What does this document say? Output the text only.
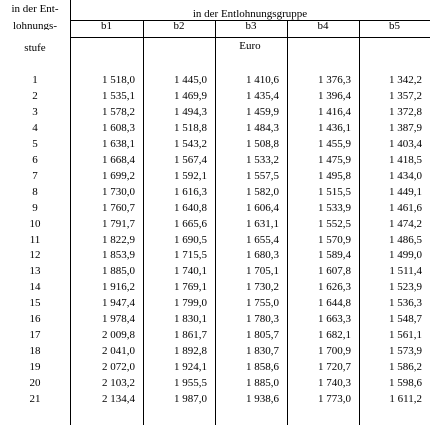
in der Ent-
lohnungs-
stufe
in der Entlohnungsgruppe
Euro
b1	b2	b3	b4	b5
1	1 518,0	1 445,0	1 410,6	1 376,3	1 342,2
2	1 535,1	1 469,9	1 435,4	1 396,4	1 357,2
3	1 578,2	1 494,3	1 459,9	1 416,4	1 372,8
4	1 608,3	1 518,8	1 484,3	1 436,1	1 387,9
5	1 638,1	1 543,2	1 508,8	1 455,9	1 403,4
6	1 668,4	1 567,4	1 533,2	1 475,9	1 418,5
7	1 699,2	1 592,1	1 557,5	1 495,8	1 434,0
8	1 730,0	1 616,3	1 582,0	1 515,5	1 449,1
9	1 760,7	1 640,8	1 606,4	1 533,9	1 461,6
10	1 791,7	1 665,6	1 631,1	1 552,5	1 474,2
11	1 822,9	1 690,5	1 655,4	1 570,9	1 486,5
12	1 853,9	1 715,5	1 680,3	1 589,4	1 499,0
13	1 885,0	1 740,1	1 705,1	1 607,8	1 511,4
14	1 916,2	1 769,1	1 730,2	1 626,3	1 523,9
15	1 947,4	1 799,0	1 755,0	1 644,8	1 536,3
16	1 978,4	1 830,1	1 780,3	1 663,3	1 548,7
17	2 009,8	1 861,7	1 805,7	1 682,1	1 561,1
18	2 041,0	1 892,8	1 830,7	1 700,9	1 573,9
19	2 072,0	1 924,1	1 858,6	1 720,7	1 586,2
20	2 103,2	1 955,5	1 885,0	1 740,3	1 598,6
21	2 134,4	1 987,0	1 938,6	1 773,0	1 611,2
